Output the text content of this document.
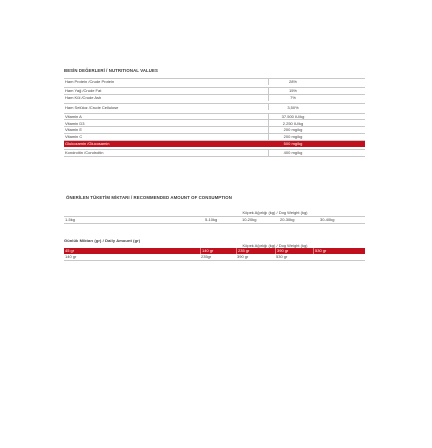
BESİN DEĞERLERİ / NUTRITIONAL VALUES
Ham Protein /Crude Protein	28%
Ham Yağ /Crude Fat	15%
Ham Kül /Crude Ash	7%
Ham Selüloz /Crude Cellulose	3,50%
Vitamin A	37.500 IU/kg
Vitamin D3	2.250 IU/kg
Vitamin E	200 mg/kg
Vitamin C	200 mg/kg
Glukozamin /Glucosamin	500 mg/kg
Kondroitin /Condroitin	400 mg/kg
ÖNERİLEN TÜKETİM MİKTARI / RECOMMENDED AMOUNT OF CONSUMPTION
Köpek Ağırlığı (kg) / Dog Weight (kg)
1-5kg	5-10kg	10-20kg	20-30kg	30-40kg
Günlük Miktarı (gr) / Daily Amount (gr)
Köpek Ağırlığı (kg) / Dog Weight (kg)
45 gr	140 gr	235 gr	390 gr	530 gr
140 gr	235gr	390 gr	530 gr
